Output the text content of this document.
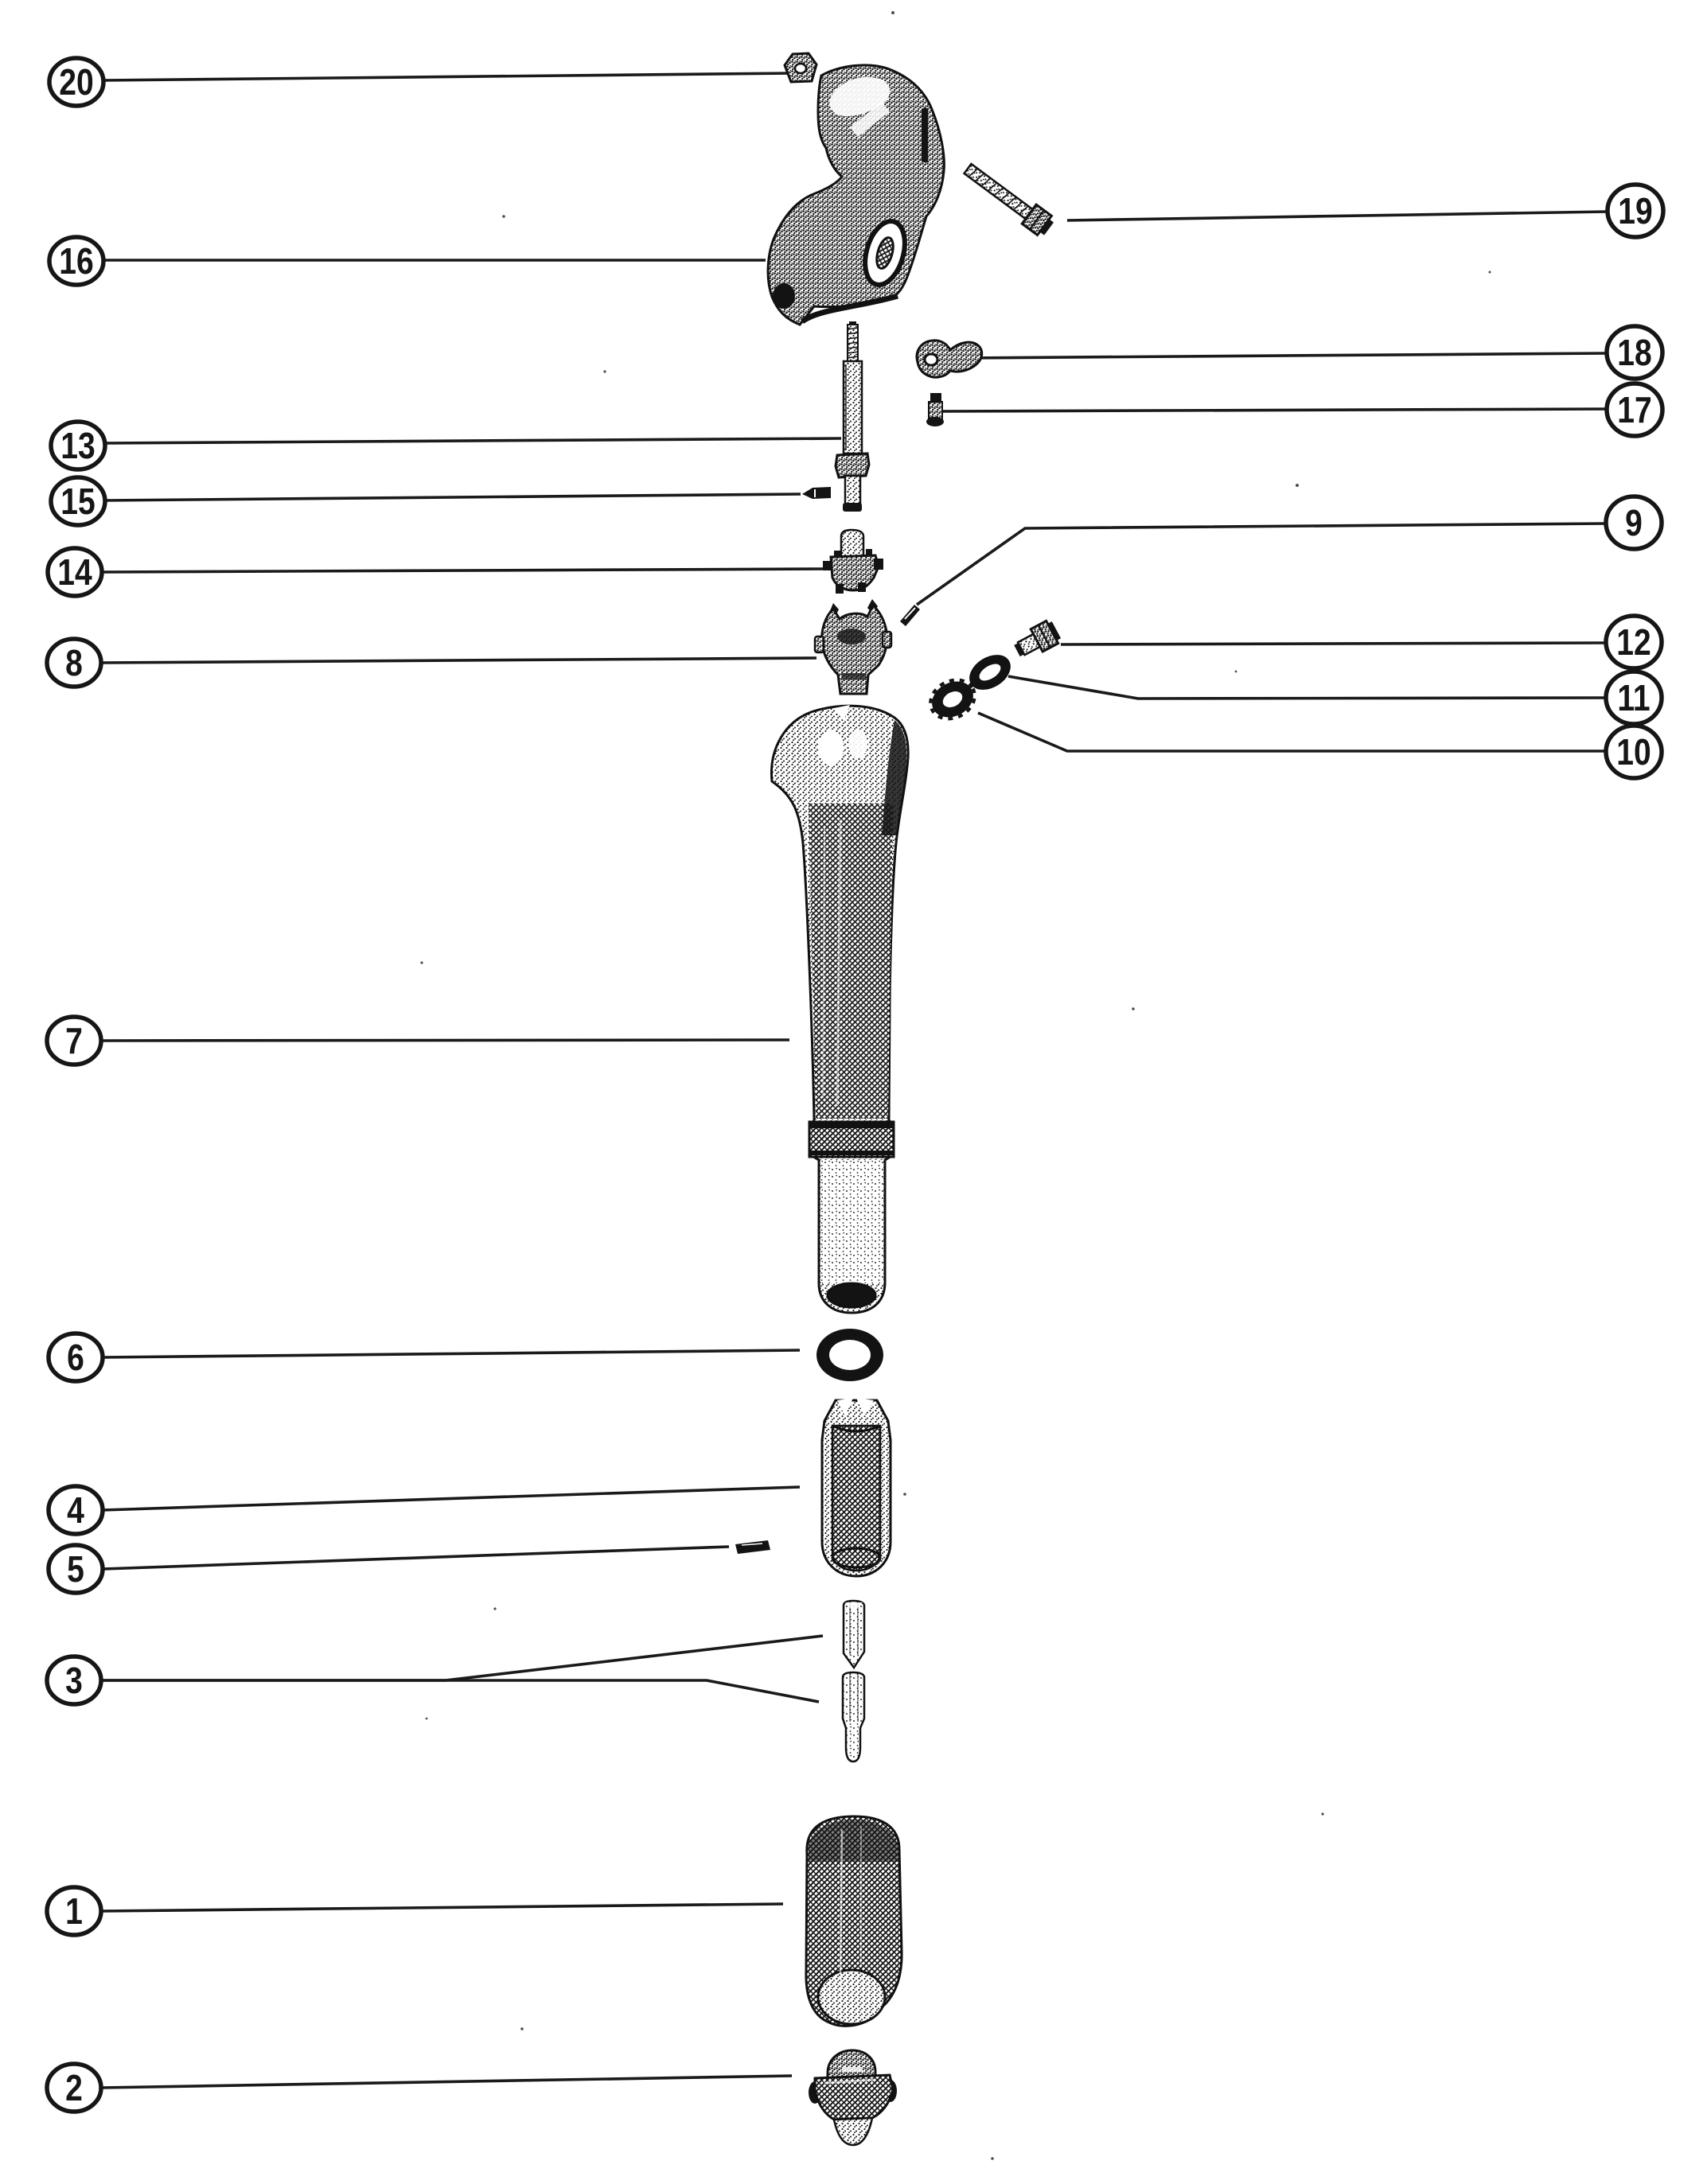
20
16
13
15
14
8
7
6
4
5
3
1
2
19
18
17
9
12
11
10
